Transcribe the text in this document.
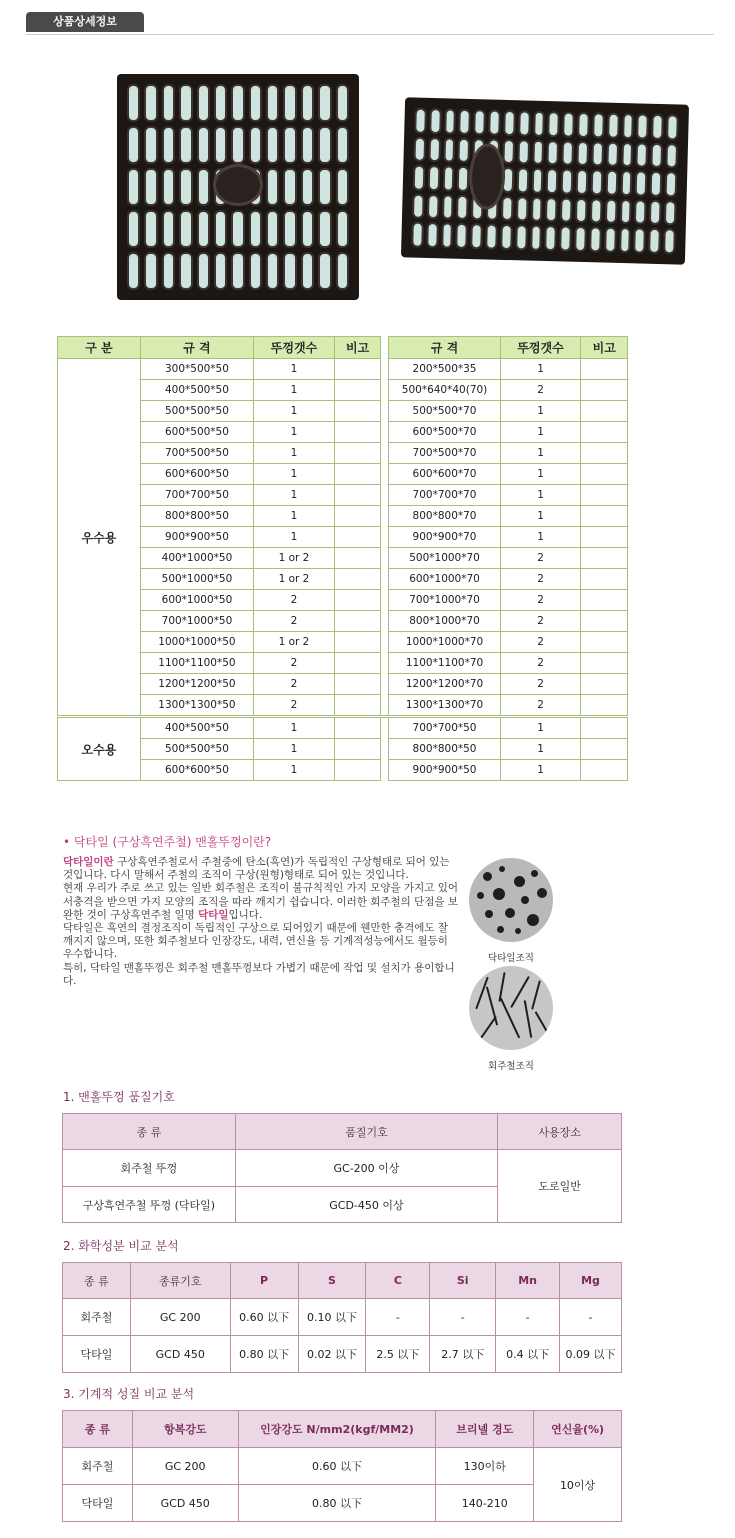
상품상세정보
구 분	규 격	뚜껑갯수	비고		규 격	뚜껑갯수	비고
우수용	300*500*50	1			200*500*35	1	
	400*500*50	1			500*640*40(70)	2	
	500*500*50	1			500*500*70	1	
	600*500*50	1			600*500*70	1	
	700*500*50	1			700*500*70	1	
	600*600*50	1			600*600*70	1	
	700*700*50	1			700*700*70	1	
	800*800*50	1			800*800*70	1	
	900*900*50	1			900*900*70	1	
	400*1000*50	1 or 2			500*1000*70	2	
	500*1000*50	1 or 2			600*1000*70	2	
	600*1000*50	2			700*1000*70	2	
	700*1000*50	2			800*1000*70	2	
	1000*1000*50	1 or 2			1000*1000*70	2	
	1100*1100*50	2			1100*1100*70	2	
	1200*1200*50	2			1200*1200*70	2	
	1300*1300*50	2			1300*1300*70	2	
오수용	400*500*50	1			700*700*50	1	
	500*500*50	1			800*800*50	1	
	600*600*50	1			900*900*50	1	
• 닥타일 (구상흑연주철) 맨홀뚜껑이란?
닥타일이란 구상흑연주철로서 주철중에 탄소(흑연)가 독립적인 구상형태로 되어 있는 것입니다. 다시 말해서 주철의 조직이 구상(원형)형태로 되어 있는 것입니다.
현재 우리가 주로 쓰고 있는 일반 회주철은 조직이 불규칙적인 가지 모양을 가지고 있어서충격을 받으면 가지 모양의 조직을 따라 깨지기 쉽습니다. 이러한 회주철의 단점을 보완한 것이 구상흑연주철 일명 닥타일입니다.
닥타일은 흑연의 결정조직이 독립적인 구상으로 되어있기 때문에 웬만한 충격에도 잘 깨지지 않으며, 또한 회주철보다 인장강도, 내력, 연신율 등 기계적성능에서도 월등히 우수합니다.
특히, 닥타일 맨홀뚜껑은 회주철 맨홀뚜껑보다 가볍기 때문에 작업 및 설치가 용이합니다.
닥타일조직
회주철조직
1. 맨홀뚜껑 품질기호
종 류	품질기호	사용장소
회주철 뚜껑	GC-200 이상	도로일반
구상흑연주철 뚜껑 (닥타일)	GCD-450 이상	
2. 화학성분 비교 분석
종 류	종류기호	P	S	C	Si	Mn	Mg
회주철	GC 200	0.60 以下	0.10 以下	-	-	-	-
닥타일	GCD 450	0.80 以下	0.02 以下	2.5 以下	2.7 以下	0.4 以下	0.09 以下
3. 기계적 성질 비교 분석
종 류	항복강도	인장강도 N/mm2(kgf/MM2)	브리넬 경도	연신율(%)
회주철	GC 200	0.60 以下	130이하	10이상
닥타일	GCD 450	0.80 以下	140-210	
